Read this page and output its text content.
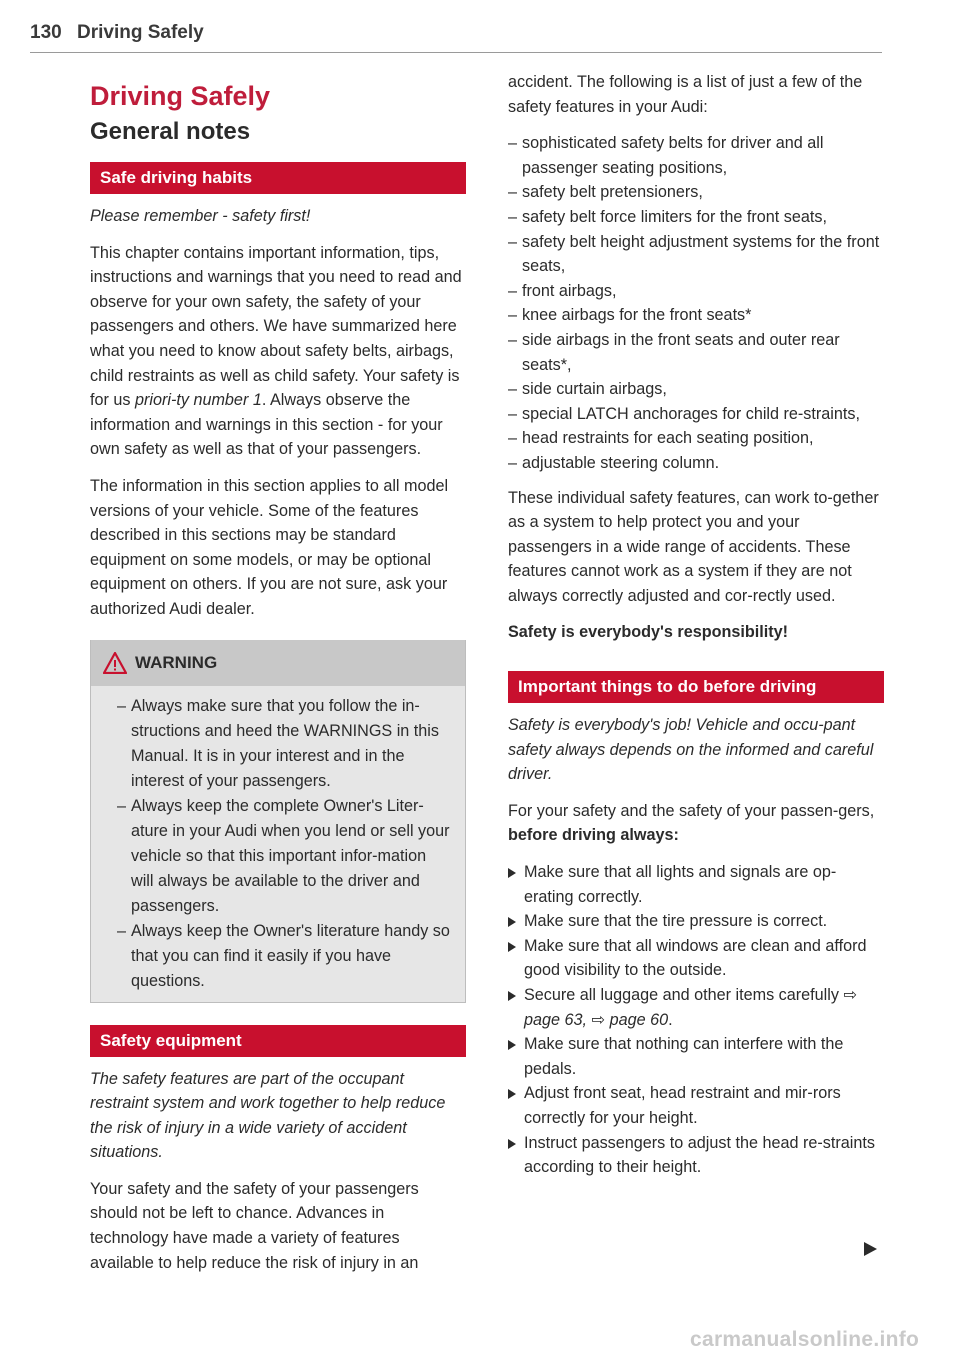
130 Driving Safely
Driving Safely
General notes
Safe driving habits

Please remember - safety first!

This chapter contains important information, tips, instructions and warnings that you need to read and observe for your own safety, the safety of your passengers and others. We have summarized here what you need to know about safety belts, airbags, child restraints as well as child safety. Your safety is for us priori-ty number 1. Always observe the information and warnings in this section - for your own safety as well as that of your passengers.

The information in this section applies to all model versions of your vehicle. Some of the features described in this sections may be standard equipment on some models, or may be optional equipment on others. If you are not sure, ask your authorized Audi dealer.

WARNING
– Always make sure that you follow the in-structions and heed the WARNINGS in this Manual. It is in your interest and in the interest of your passengers.
– Always keep the complete Owner's Liter-ature in your Audi when you lend or sell your vehicle so that this important infor-mation will always be available to the driver and passengers.
– Always keep the Owner's literature handy so that you can find it easily if you have questions.
Safety equipment

The safety features are part of the occupant restraint system and work together to help reduce the risk of injury in a wide variety of accident situations.

Your safety and the safety of your passengers should not be left to chance. Advances in technology have made a variety of features available to help reduce the risk of injury in an

accident. The following is a list of just a few of the safety features in your Audi:

– sophisticated safety belts for driver and all passenger seating positions,
– safety belt pretensioners,
– safety belt force limiters for the front seats,
– safety belt height adjustment systems for the front seats,
– front airbags,
– knee airbags for the front seats*
– side airbags in the front seats and outer rear seats*,
– side curtain airbags,
– special LATCH anchorages for child re-straints,
– head restraints for each seating position,
– adjustable steering column.

These individual safety features, can work to-gether as a system to help protect you and your passengers in a wide range of accidents. These features cannot work as a system if they are not always correctly adjusted and cor-rectly used.

Safety is everybody's responsibility!

Important things to do before driving

Safety is everybody's job! Vehicle and occu-pant safety always depends on the informed and careful driver.

For your safety and the safety of your passen-gers, before driving always:

Make sure that all lights and signals are op-erating correctly.
Make sure that the tire pressure is correct.
Make sure that all windows are clean and afford good visibility to the outside.
Secure all luggage and other items carefully ⇨ page 63, ⇨ page 60.
Make sure that nothing can interfere with the pedals.
Adjust front seat, head restraint and mir-rors correctly for your height.
Instruct passengers to adjust the head re-straints according to their height.
carmanualsonline.info
